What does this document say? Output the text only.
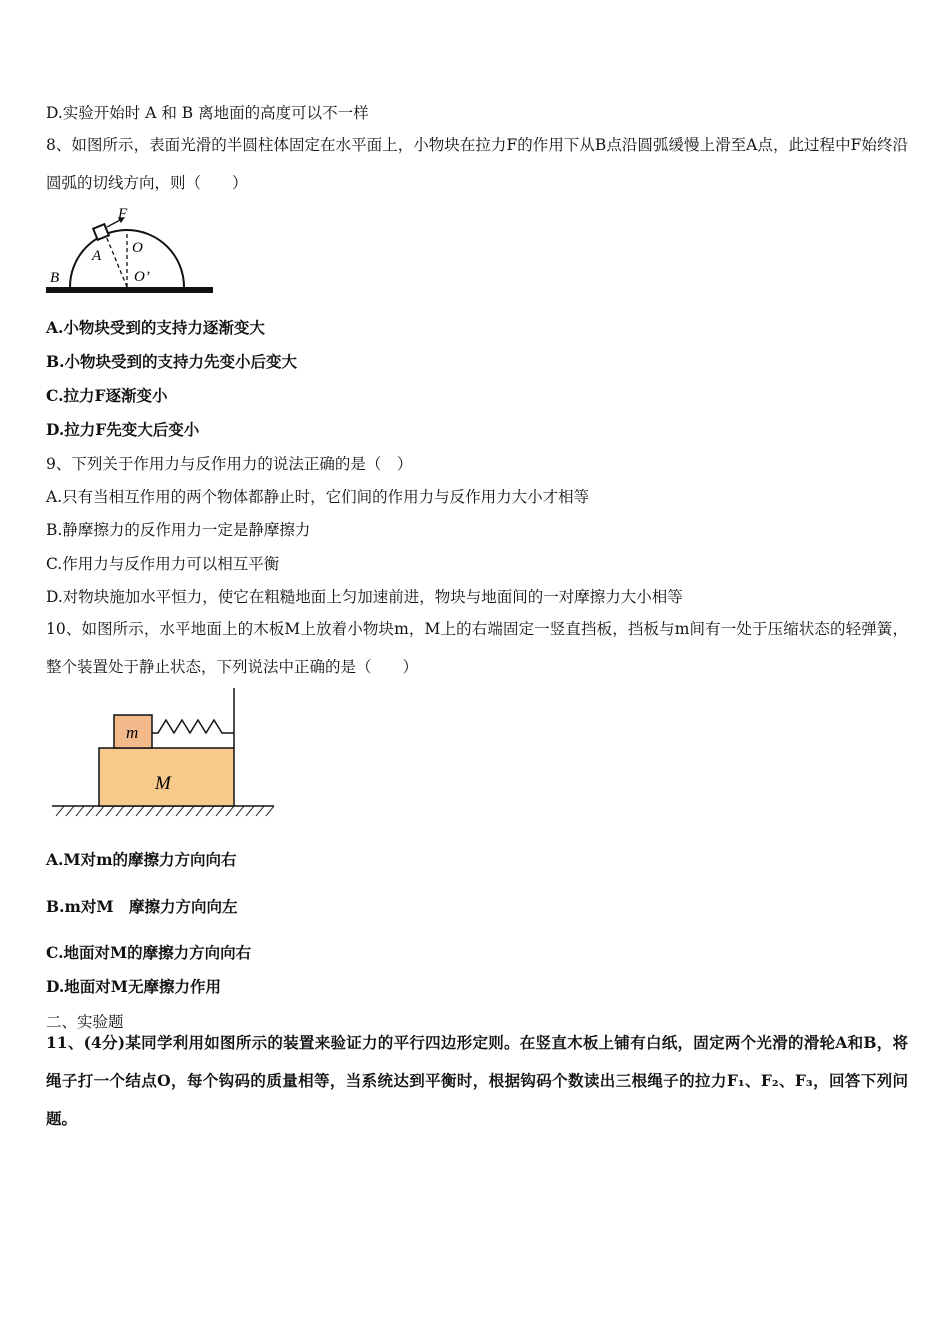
D.实验开始时 A 和 B 离地面的高度可以不一样
8、如图所示，表面光滑的半圆柱体固定在水平面上，小物块在拉力F的作用下从B点沿圆弧缓慢上滑至A点，此过程中F始终沿圆弧的切线方向，则（　　）
F
A O
O’
B
A.小物块受到的支持力逐渐变大
B.小物块受到的支持力先变小后变大
C.拉力F逐渐变小
D.拉力F先变大后变小
9、下列关于作用力与反作用力的说法正确的是（　）
A.只有当相互作用的两个物体都静止时，它们间的作用力与反作用力大小才相等
B.静摩擦力的反作用力一定是静摩擦力
C.作用力与反作用力可以相互平衡
D.对物块施加水平恒力，使它在粗糙地面上匀加速前进，物块与地面间的一对摩擦力大小相等
10、如图所示，水平地面上的木板M上放着小物块m，M上的右端固定一竖直挡板，挡板与m间有一处于压缩状态的轻弹簧，整个装置处于静止状态，下列说法中正确的是（　　）
m
M
A.M对m的摩擦力方向向右
B.m对M　摩擦力方向向左
C.地面对M的摩擦力方向向右
D.地面对M无摩擦力作用
二、实验题
11、(4分)某同学利用如图所示的装置来验证力的平行四边形定则。在竖直木板上铺有白纸，固定两个光滑的滑轮A和B，将绳子打一个结点O，每个钩码的质量相等，当系统达到平衡时，根据钩码个数读出三根绳子的拉力F₁、F₂、F₃，回答下列问题。
